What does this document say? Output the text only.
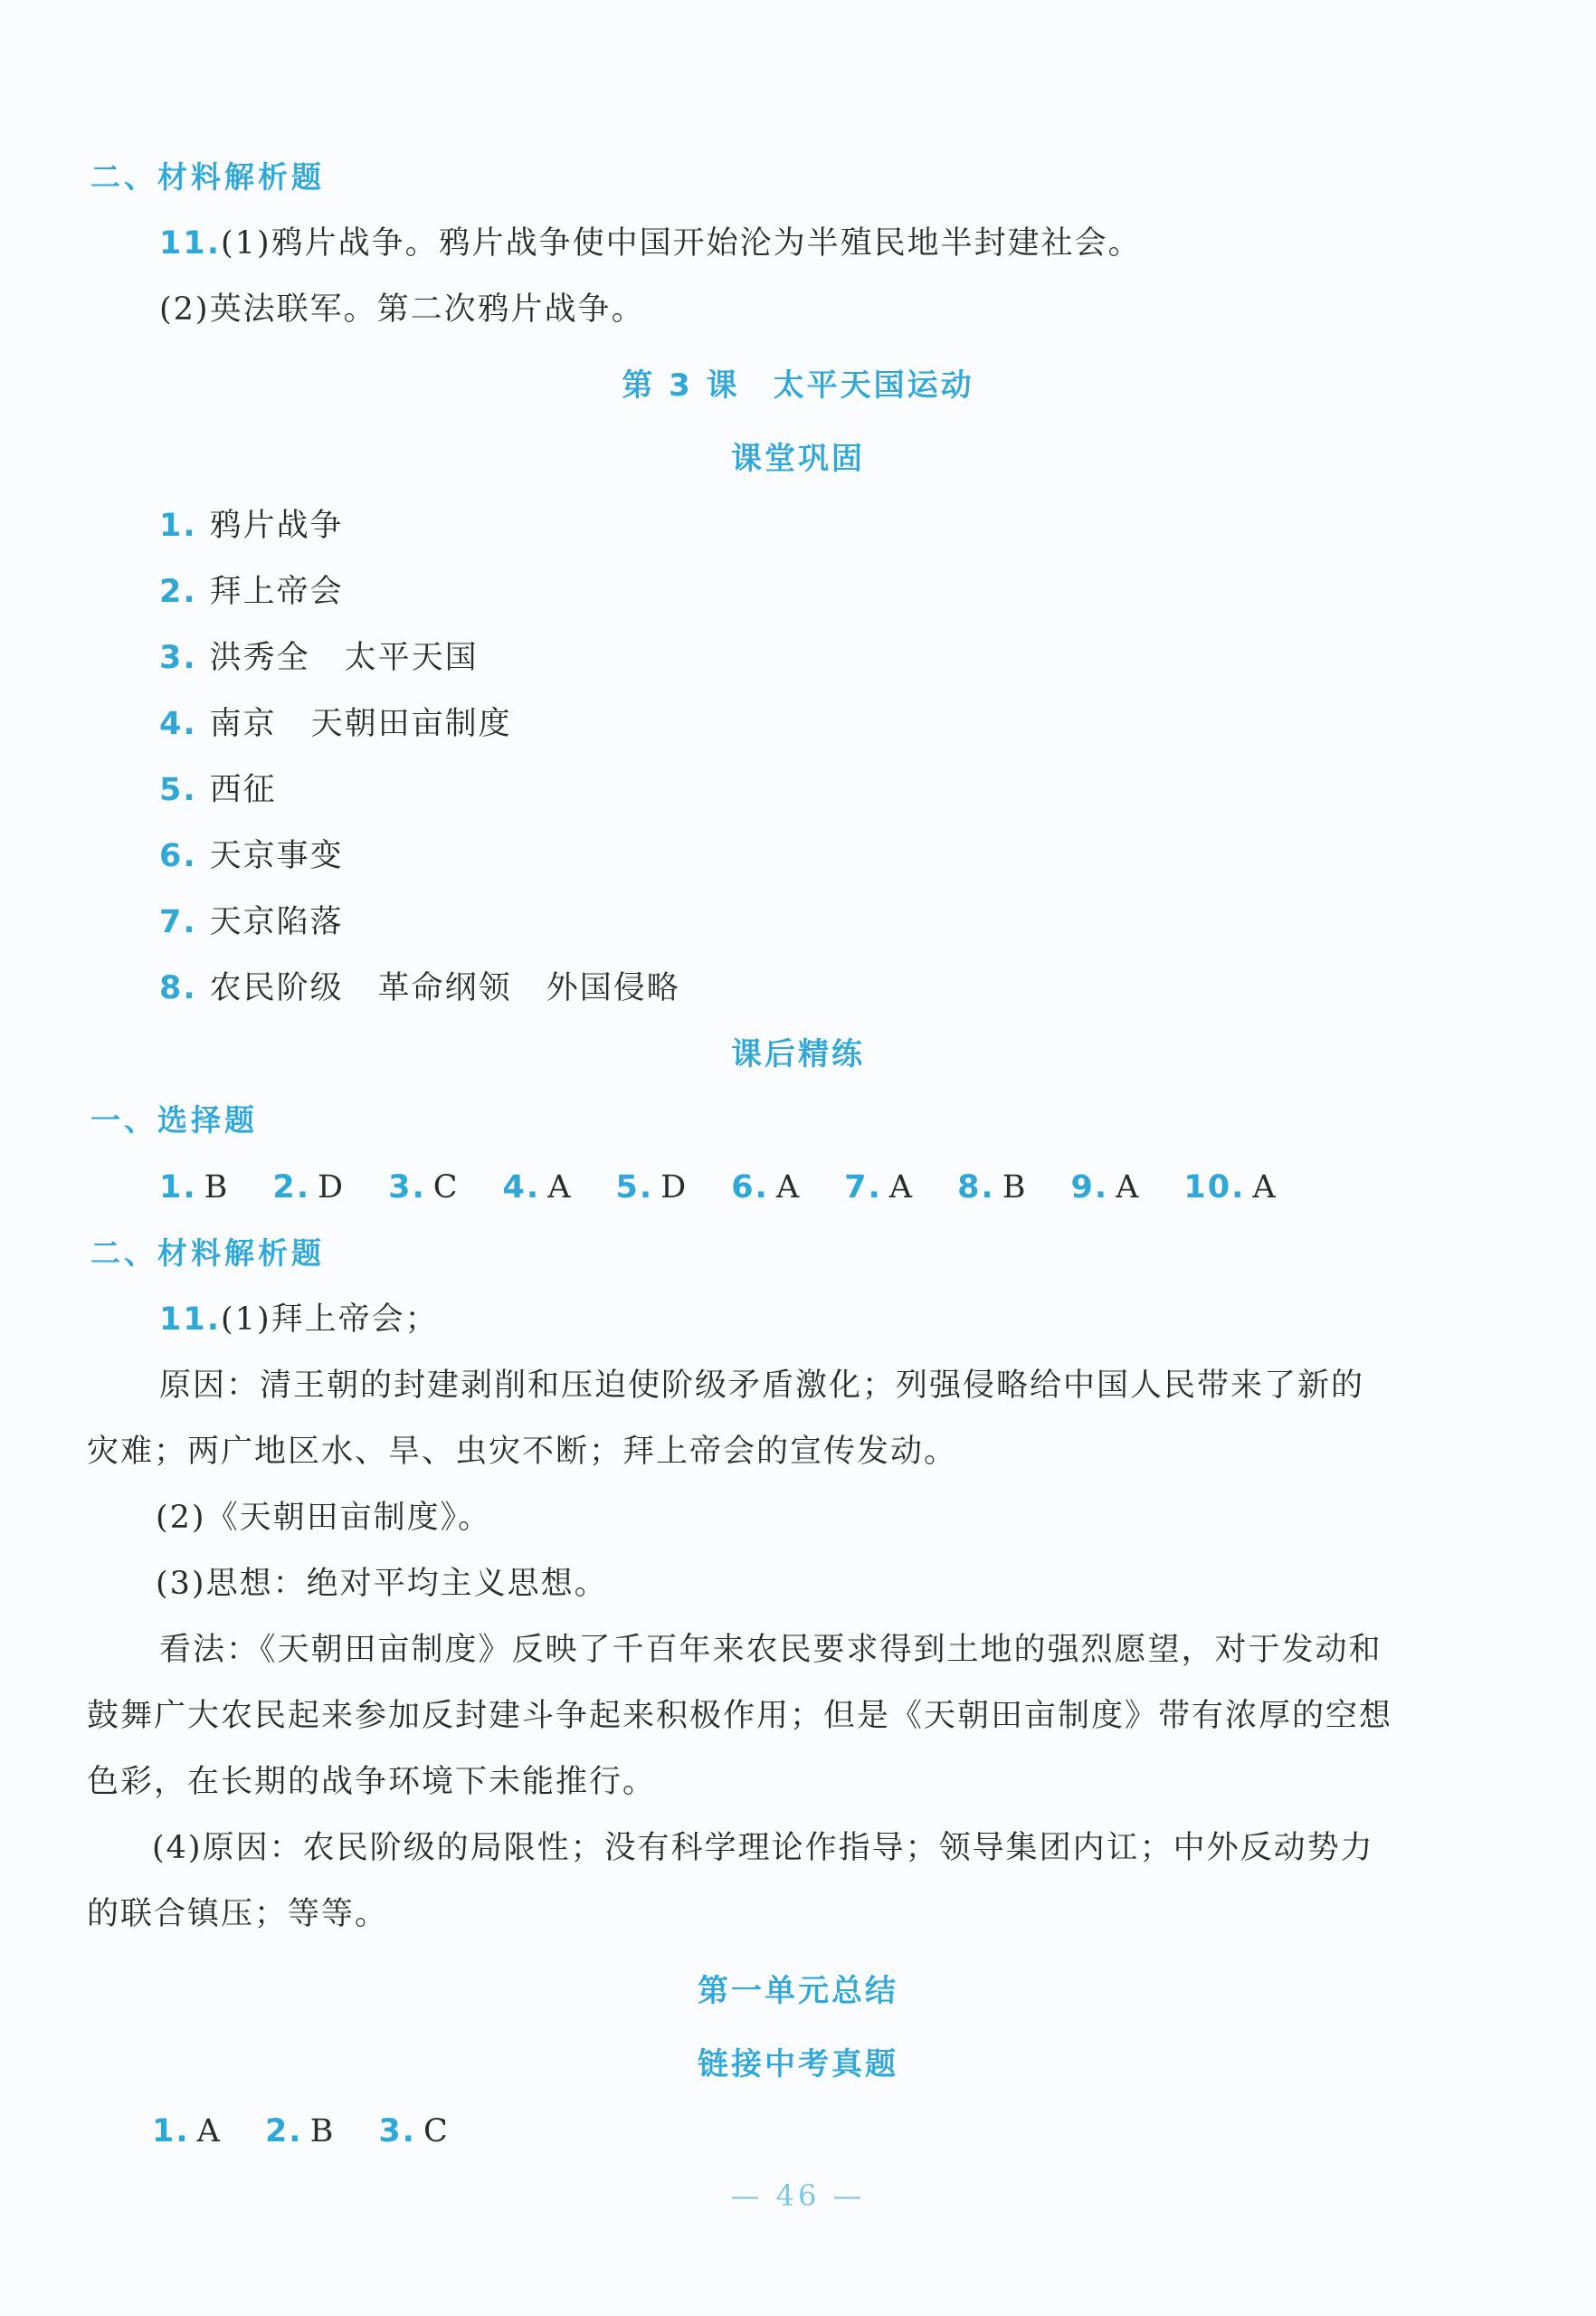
二、材料解析题
11.(1)鸦片战争。鸦片战争使中国开始沦为半殖民地半封建社会。
(2)英法联军。第二次鸦片战争。
第 3 课　太平天国运动
课堂巩固
1. 鸦片战争
2. 拜上帝会
3. 洪秀全 太平天国
4. 南京 天朝田亩制度
5. 西征
6. 天京事变
7. 天京陷落
8. 农民阶级 革命纲领 外国侵略
课后精练
一、选择题
1. B 2. D 3. C 4. A 5. D 6. A 7. A 8. B 9. A 10. A
二、材料解析题
11.(1)拜上帝会；
原因：清王朝的封建剥削和压迫使阶级矛盾激化；列强侵略给中国人民带来了新的
灾难；两广地区水、旱、虫灾不断；拜上帝会的宣传发动。
(2)《天朝田亩制度》。
(3)思想：绝对平均主义思想。
看法：《天朝田亩制度》反映了千百年来农民要求得到土地的强烈愿望，对于发动和
鼓舞广大农民起来参加反封建斗争起来积极作用；但是《天朝田亩制度》带有浓厚的空想
色彩，在长期的战争环境下未能推行。
(4)原因：农民阶级的局限性；没有科学理论作指导；领导集团内讧；中外反动势力
的联合镇压；等等。
第一单元总结
链接中考真题
1. A 2. B 3. C
— 46 —
